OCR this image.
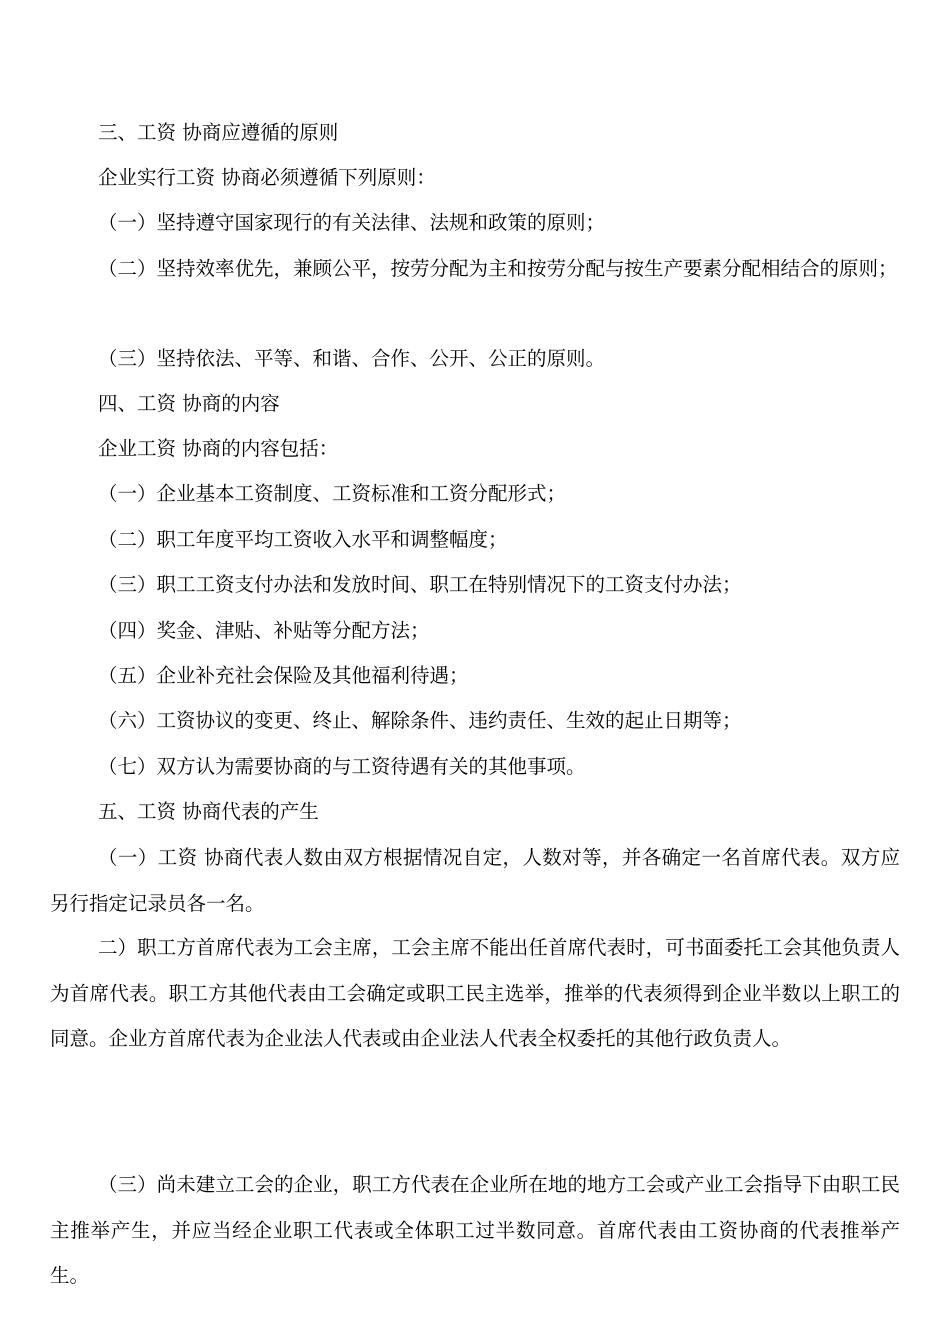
三、工资 协商应遵循的原则
企业实行工资 协商必须遵循下列原则：
（一）坚持遵守国家现行的有关法律、法规和政策的原则；
（二）坚持效率优先，兼顾公平，按劳分配为主和按劳分配与按生产要素分配相结合的原则；
（三）坚持依法、平等、和谐、合作、公开、公正的原则。
四、工资 协商的内容
企业工资 协商的内容包括：
（一）企业基本工资制度、工资标准和工资分配形式；
（二）职工年度平均工资收入水平和调整幅度；
（三）职工工资支付办法和发放时间、职工在特别情况下的工资支付办法；
（四）奖金、津贴、补贴等分配方法；
（五）企业补充社会保险及其他福利待遇；
（六）工资协议的变更、终止、解除条件、违约责任、生效的起止日期等；
（七）双方认为需要协商的与工资待遇有关的其他事项。
五、工资 协商代表的产生
（一）工资 协商代表人数由双方根据情况自定，人数对等，并各确定一名首席代表。双方应另行指定记录员各一名。
二）职工方首席代表为工会主席，工会主席不能出任首席代表时，可书面委托工会其他负责人为首席代表。职工方其他代表由工会确定或职工民主选举，推举的代表须得到企业半数以上职工的同意。企业方首席代表为企业法人代表或由企业法人代表全权委托的其他行政负责人。
（三）尚未建立工会的企业，职工方代表在企业所在地的地方工会或产业工会指导下由职工民主推举产生，并应当经企业职工代表或全体职工过半数同意。首席代表由工资协商的代表推举产生。
